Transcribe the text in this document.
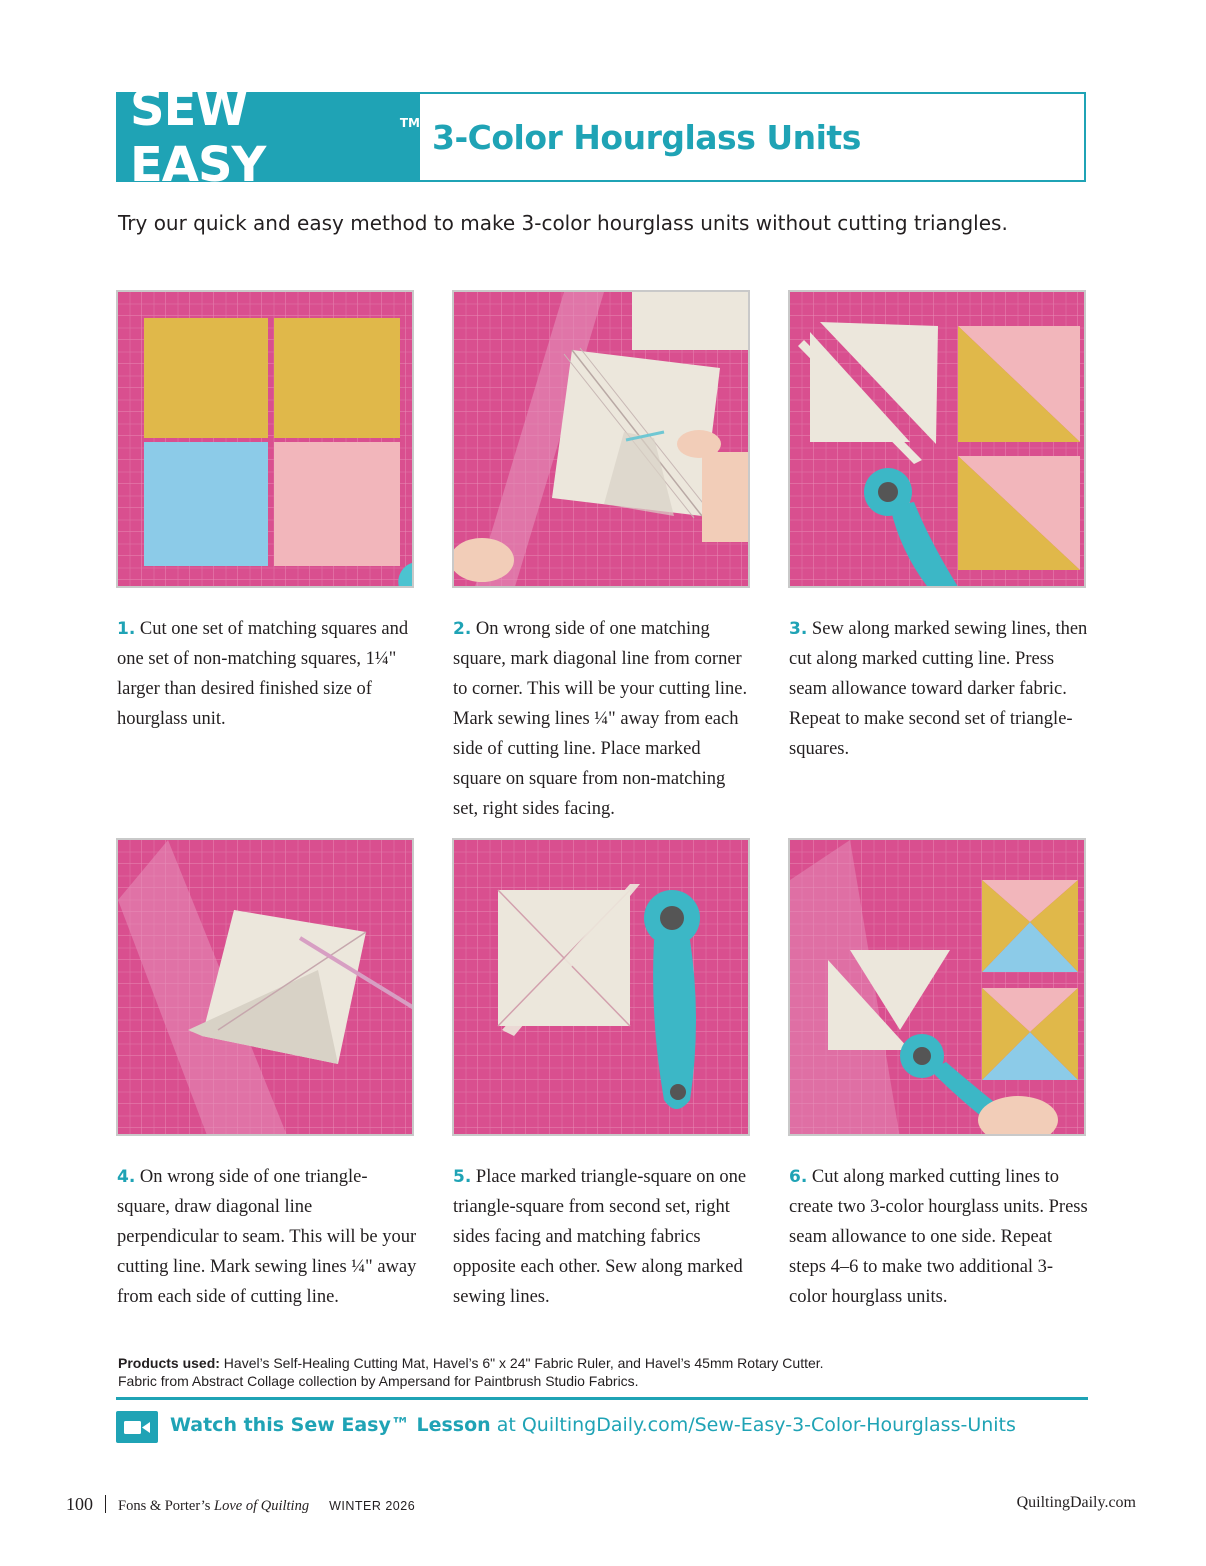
SEW EASY
™ 3-Color Hourglass Units
Try our quick and easy method to make 3-color hourglass units without cutting triangles.
1. Cut one set of matching squares and one set of non-matching squares, 1¼" larger than desired finished size of hourglass unit.
2. On wrong side of one matching square, mark diagonal line from corner to corner. This will be your cutting line. Mark sewing lines ¼" away from each side of cutting line. Place marked square on square from non-matching set, right sides facing.
3. Sew along marked sewing lines, then cut along marked cutting line. Press seam allowance toward darker fabric. Repeat to make second set of triangle-squares.
4. On wrong side of one triangle-square, draw diagonal line perpendicular to seam. This will be your cutting line. Mark sewing lines ¼" away from each side of cutting line.
5. Place marked triangle-square on one triangle-square from second set, right sides facing and matching fabrics opposite each other. Sew along marked sewing lines.
6. Cut along marked cutting lines to create two 3-color hourglass units. Press seam allowance to one side. Repeat steps 4–6 to make two additional 3-color hourglass units.
Products used: Havel’s Self-Healing Cutting Mat, Havel’s 6" x 24" Fabric Ruler, and Havel’s 45mm Rotary Cutter.
Fabric from Abstract Collage collection by Ampersand for Paintbrush Studio Fabrics.
Watch this Sew Easy™ Lesson at QuiltingDaily.com/Sew-Easy-3-Color-Hourglass-Units
100 Fons & Porter’s Love of Quilting WINTER 2026	QuiltingDaily.com
